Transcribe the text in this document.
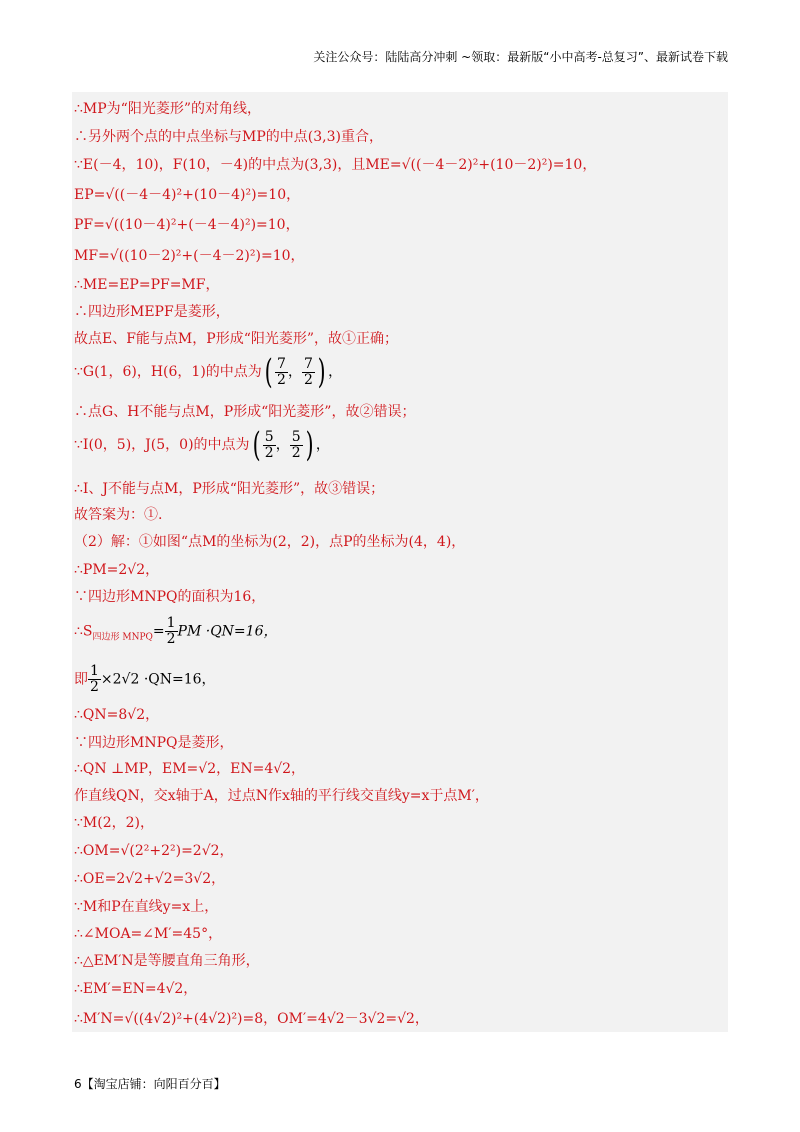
关注公众号：陆陆高分冲刺 ~领取：最新版“小中高考-总复习”、最新试卷下载
∴MP为“阳光菱形”的对角线，
∴另外两个点的中点坐标与MP的中点(3,3)重合，
∵E(－4，10)，F(10，－4)的中点为(3,3)，且ME=√((－4－2)²+(10－2)²)=10，
EP=√((－4－4)²+(10－4)²)=10，
PF=√((10－4)²+(－4－4)²)=10，
MF=√((10－2)²+(－4－2)²)=10，
∴ME=EP=PF=MF，
∴四边形MEPF是菱形，
故点E、F能与点M，P形成“阳光菱形”，故①正确；
∵G(1，6)，H(6，1)的中点为( $\frac{7}{2}$ ， $\frac{7}{2}$ ) ，
∴点G、H不能与点M，P形成“阳光菱形”，故②错误；
∵I(0，5)，J(5，0)的中点为( $\frac{5}{2}$ ， $\frac{5}{2}$ ) ，
∴I、J不能与点M，P形成“阳光菱形”，故③错误；
故答案为：①.
（2）解：①如图“点M的坐标为(2，2)，点P的坐标为(4，4)，
∴PM=2√2，
∵四边形MNPQ的面积为16，
$\therefore S_{四边形 MNPQ}= \frac{1}{2}$ PM ·QN=16，
即 $\frac{1}{2} \times 2√2 \cdot QN=16$，
∴QN=8√2，
∵四边形MNPQ是菱形，
∴QN ⊥MP，EM=√2，EN=4√2，
作直线QN，交x轴于A，过点N作x轴的平行线交直线y=x于点M′，
∵M(2，2)，
∴OM=√(2²+2²)=2√2，
∴OE=2√2+√2=3√2，
∵M和P在直线y=x上，
∴∠MOA=∠M′=45°，
∴△EM′N是等腰直角三角形，
∴EM′=EN=4√2，
∴M′N=√((4√2)²+(4√2)²)=8，OM′=4√2－3√2=√2，
6【淘宝店铺：向阳百分百】
